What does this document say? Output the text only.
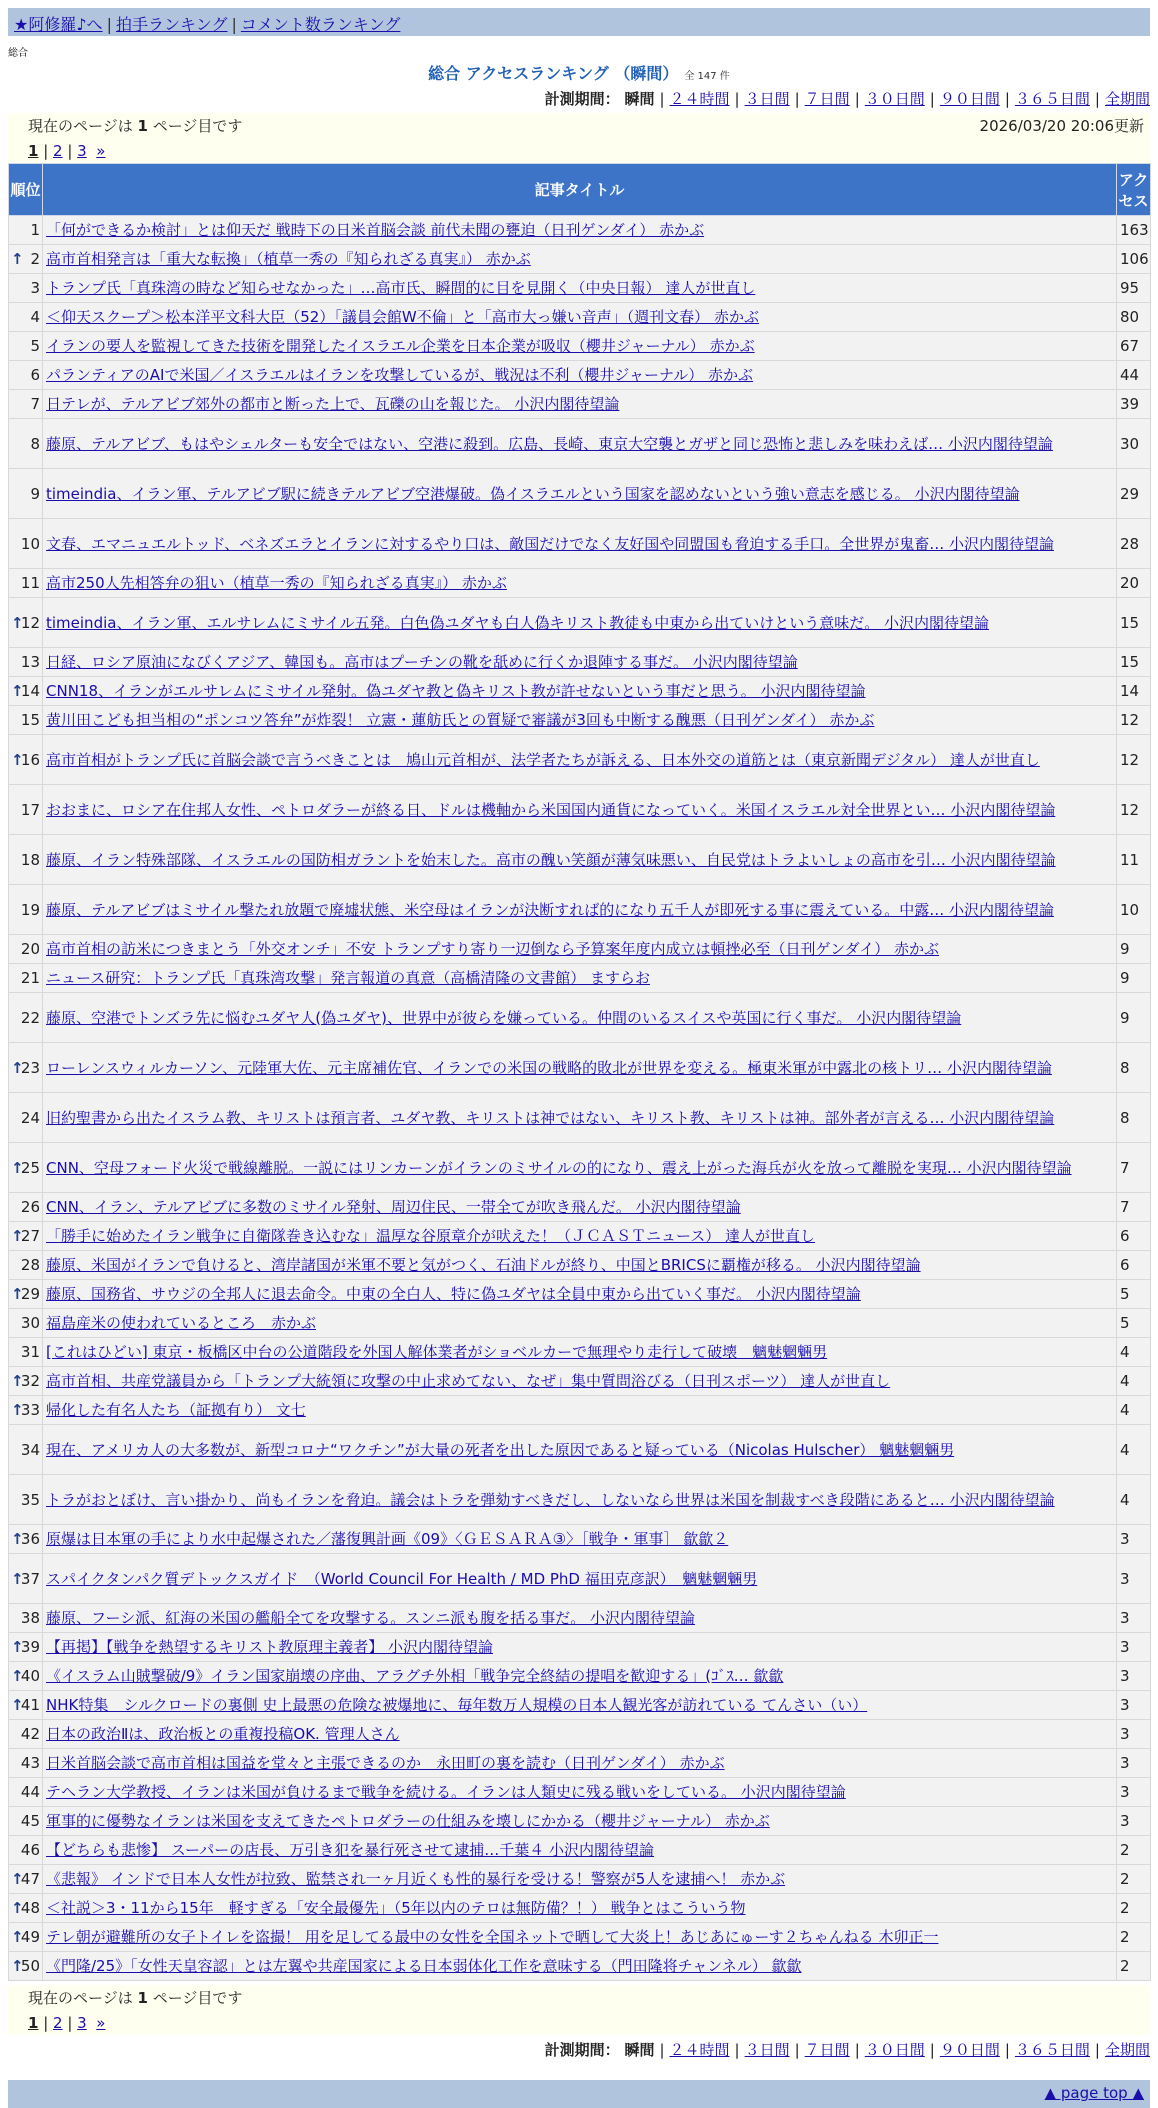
★阿修羅♪へ | 拍手ランキング | コメント数ランキング
総合
総合 アクセスランキング （瞬間） 全 147 件
計測期間： 瞬間 | ２４時間 | ３日間 | ７日間 | ３０日間 | ９０日間 | ３６５日間 | 全期間
現在のページは 1 ページ目です	2026/03/20 20:06更新
1 | 2 | 3 »
順位	記事タイトル	アクセス
1	「何ができるか検討」とは仰天だ 戦時下の日米首脳会談 前代未聞の甕迫（日刊ゲンダイ） 赤かぶ	163

↑ 2	高市首相発言は「重大な転換」（植草一秀の『知られざる真実』） 赤かぶ	106
3	トランプ氏「真珠湾の時など知らせなかった」…高市氏、瞬間的に目を見開く（中央日報） 達人が世直し	95
4	＜仰天スクープ＞松本洋平文科大臣（52）「議員会館W不倫」と「高市大っ嫌い音声」（週刊文春） 赤かぶ	80
5	イランの要人を監視してきた技術を開発したイスラエル企業を日本企業が吸収（櫻井ジャーナル） 赤かぶ	67
6	パランティアのAIで米国／イスラエルはイランを攻撃しているが、戦況は不利（櫻井ジャーナル） 赤かぶ	44
7	日テレが、テルアビブ郊外の都市と断った上で、瓦礫の山を報じた。 小沢内閣待望論	39
8	藤原、テルアビブ、もはやシェルターも安全ではない、空港に殺到。広島、長崎、東京大空襲とガザと同じ恐怖と悲しみを味わえば… 小沢内閣待望論	30
9	timeindia、イラン軍、テルアビブ駅に続きテルアビブ空港爆破。偽イスラエルという国家を認めないという強い意志を感じる。 小沢内閣待望論	29
10	文春、エマニュエルトッド、ベネズエラとイランに対するやり口は、敵国だけでなく友好国や同盟国も脅迫する手口。全世界が鬼畜… 小沢内閣待望論	28
11	高市250人先相答弁の狙い（植草一秀の『知られざる真実』） 赤かぶ	20

↑
12	timeindia、イラン軍、エルサレムにミサイル五発。白色偽ユダヤも白人偽キリスト教徒も中東から出ていけという意味だ。 小沢内閣待望論	15
13	日経、ロシア原油になびくアジア、韓国も。高市はプーチンの靴を舐めに行くか退陣する事だ。 小沢内閣待望論	15

↑
14	CNN18、イランがエルサレムにミサイル発射。偽ユダヤ教と偽キリスト教が許せないという事だと思う。 小沢内閣待望論	14
15	黄川田こども担当相の“ポンコツ答弁”が炸裂！ 立憲・蓮舫氏との質疑で審議が3回も中断する醜悪（日刊ゲンダイ） 赤かぶ	12

↑
16	高市首相がトランプ氏に首脳会談で言うべきことは　鳩山元首相が、法学者たちが訴える、日本外交の道筋とは（東京新聞デジタル） 達人が世直し	12
17	おおまに、ロシア在住邦人女性、ペトロダラーが終る日、ドルは機軸から米国国内通貨になっていく。米国イスラエル対全世界とい… 小沢内閣待望論	12
18	藤原、イラン特殊部隊、イスラエルの国防相ガラントを始末した。高市の醜い笑顔が薄気味悪い、自民党はトラよいしょの高市を引… 小沢内閣待望論	11
19	藤原、テルアビブはミサイル撃たれ放題で廃墟状態、米空母はイランが決断すれば的になり五千人が即死する事に震えている。中露… 小沢内閣待望論	10
20	高市首相の訪米につきまとう「外交オンチ」不安 トランプすり寄り一辺倒なら予算案年度内成立は頓挫必至（日刊ゲンダイ） 赤かぶ	9
21	ニュース研究：トランプ氏「真珠湾攻撃」発言報道の真意（高橋清隆の文書館） ますらお	9
22	藤原、空港でトンズラ先に悩むユダヤ人(偽ユダヤ)、世界中が彼らを嫌っている。仲間のいるスイスや英国に行く事だ。 小沢内閣待望論	9

↑
23	ローレンスウィルカーソン、元陸軍大佐、元主席補佐官、イランでの米国の戦略的敗北が世界を変える。極東米軍が中露北の核トリ… 小沢内閣待望論	8
24	旧約聖書から出たイスラム教、キリストは預言者、ユダヤ教、キリストは神ではない、キリスト教、キリストは神。部外者が言える… 小沢内閣待望論	8

↑
25	CNN、空母フォード火災で戦線離脱。一説にはリンカーンがイランのミサイルの的になり、震え上がった海兵が火を放って離脱を実現… 小沢内閣待望論	7
26	CNN、イラン、テルアビブに多数のミサイル発射、周辺住民、一帯全てが吹き飛んだ。 小沢内閣待望論	7

↑
27	「勝手に始めたイラン戦争に自衛隊巻き込むな」温厚な谷原章介が吠えた！（ＪＣＡＳＴニュース） 達人が世直し	6
28	藤原、米国がイランで負けると、湾岸諸国が米軍不要と気がつく、石油ドルが終り、中国とBRICSに覇権が移る。 小沢内閣待望論	6

↑
29	藤原、国務省、サウジの全邦人に退去命令。中東の全白人、特に偽ユダヤは全員中東から出ていく事だ。 小沢内閣待望論	5
30	福島産米の使われているところ　赤かぶ	5
31	[これはひどい] 東京・板橋区中台の公道階段を外国人解体業者がショベルカーで無理やり走行して破壊　魑魅魍魎男	4

↑
32	高市首相、共産党議員から「トランプ大統領に攻撃の中止求めてない、なぜ」集中質問浴びる（日刊スポーツ） 達人が世直し	4

↑
33	帰化した有名人たち（証拠有り） 文七	4
34	現在、アメリカ人の大多数が、新型コロナ“ワクチン”が大量の死者を出した原因であると疑っている（Nicolas Hulscher） 魑魅魍魎男	4
35	トラがおとぼけ、言い掛かり、尚もイランを脅迫。議会はトラを弾劾すべきだし、しないなら世界は米国を制裁すべき段階にあると… 小沢内閣待望論	4

↑
36	原爆は日本軍の手により水中起爆された／藩復興計画《09》〈ＧＥＳＡＲＡ③〉［戦争・軍事］ 歙歙２	3

↑
37	スパイクタンパク質デトックスガイド　（World Council For Health / MD PhD 福田克彦訳）　魑魅魍魎男	3
38	藤原、フーシ派、紅海の米国の艦船全てを攻撃する。スンニ派も腹を括る事だ。 小沢内閣待望論	3

↑
39	【再掲】【戦争を熱望するキリスト教原理主義者】 小沢内閣待望論	3

↑
40	《イスラム山賊撃破/9》イラン国家崩壊の序曲、アラグチ外相「戦争完全終結の提唱を歓迎する」(ｺﾞｽ… 歙歙	3

↑
41	NHK特集　シルクロードの裏側 史上最悪の危険な被爆地に、毎年数万人規模の日本人観光客が訪れている てんさい（い）	3
42	日本の政治Ⅱは、政治板との重複投稿OK. 管理人さん	3
43	日米首脳会談で高市首相は国益を堂々と主張できるのか　永田町の裏を読む（日刊ゲンダイ） 赤かぶ	3
44	テヘラン大学教授、イランは米国が負けるまで戦争を続ける。イランは人類史に残る戦いをしている。 小沢内閣待望論	3
45	軍事的に優勢なイランは米国を支えてきたペトロダラーの仕組みを壊しにかかる（櫻井ジャーナル） 赤かぶ	3
46	【どちらも悲惨】 スーパーの店長、万引き犯を暴行死させて逮捕…千葉４ 小沢内閣待望論	2

↑
47	《悲報》 インドで日本人女性が拉致、監禁され一ヶ月近くも性的暴行を受ける！警察が5人を逮捕へ！ 赤かぶ	2

↑
48	＜社説＞3・11から15年　軽すぎる「安全最優先」（5年以内のテロは無防備？！） 戦争とはこういう物	2

↑
49	テレ朝が避難所の女子トイレを盗撮！ 用を足してる最中の女性を全国ネットで晒して大炎上！あじあにゅーす２ちゃんねる 木卯正一	2

↑
50	《門隆/25》「女性天皇容認」とは左翼や共産国家による日本弱体化工作を意味する（門田隆将チャンネル） 歙歙	2
現在のページは 1 ページ目です
1 | 2 | 3 »
計測期間： 瞬間 | ２４時間 | ３日間 | ７日間 | ３０日間 | ９０日間 | ３６５日間 | 全期間
▲ page top ▲
